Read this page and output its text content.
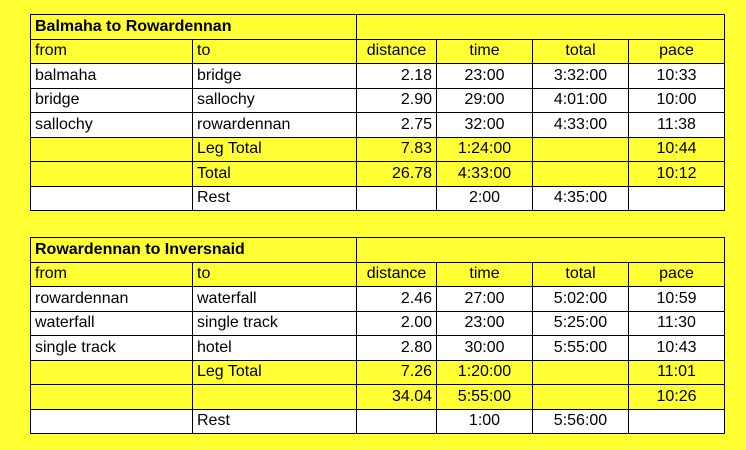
Balmaha to Rowardennan					
from	to	distance	time	total	pace
balmaha	bridge	2.18	23:00	3:32:00	10:33
bridge	sallochy	2.90	29:00	4:01:00	10:00
sallochy	rowardennan	2.75	32:00	4:33:00	11:38
	Leg Total	7.83	1:24:00		10:44
	Total	26.78	4:33:00		10:12
	Rest		2:00	4:35:00	
Rowardennan to Inversnaid					
from	to	distance	time	total	pace
rowardennan	waterfall	2.46	27:00	5:02:00	10:59
waterfall	single track	2.00	23:00	5:25:00	11:30
single track	hotel	2.80	30:00	5:55:00	10:43
	Leg Total	7.26	1:20:00		11:01
		34.04	5:55:00		10:26
	Rest		1:00	5:56:00	
